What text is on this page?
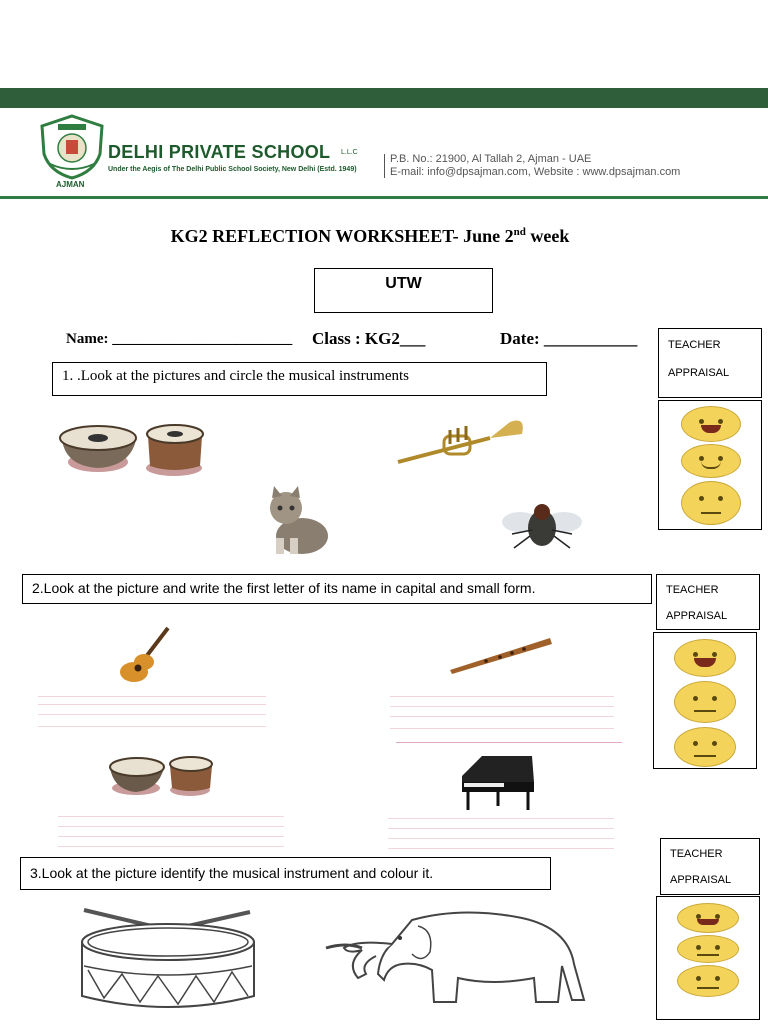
DELHI PRIVATE SCHOOL L.L.C
Under the Aegis of The Delhi Public School Society, New Delhi (Estd. 1949)
AJMAN
P.B. No.: 21900, Al Tallah 2, Ajman - UAE
E-mail: info@dpsajman.com, Website : www.dpsajman.com
KG2 REFLECTION WORKSHEET- June 2nd week
UTW
Name: ________________________ Class : KG2___	Date: ___________	TEACHER
APPRAISAL
1. .Look at the pictures and circle the musical instruments
2.Look at the picture and write the first letter of its name in capital and small form.	TEACHER
APPRAISAL
3.Look at the picture identify the musical instrument and colour it.
TEACHER
APPRAISAL
